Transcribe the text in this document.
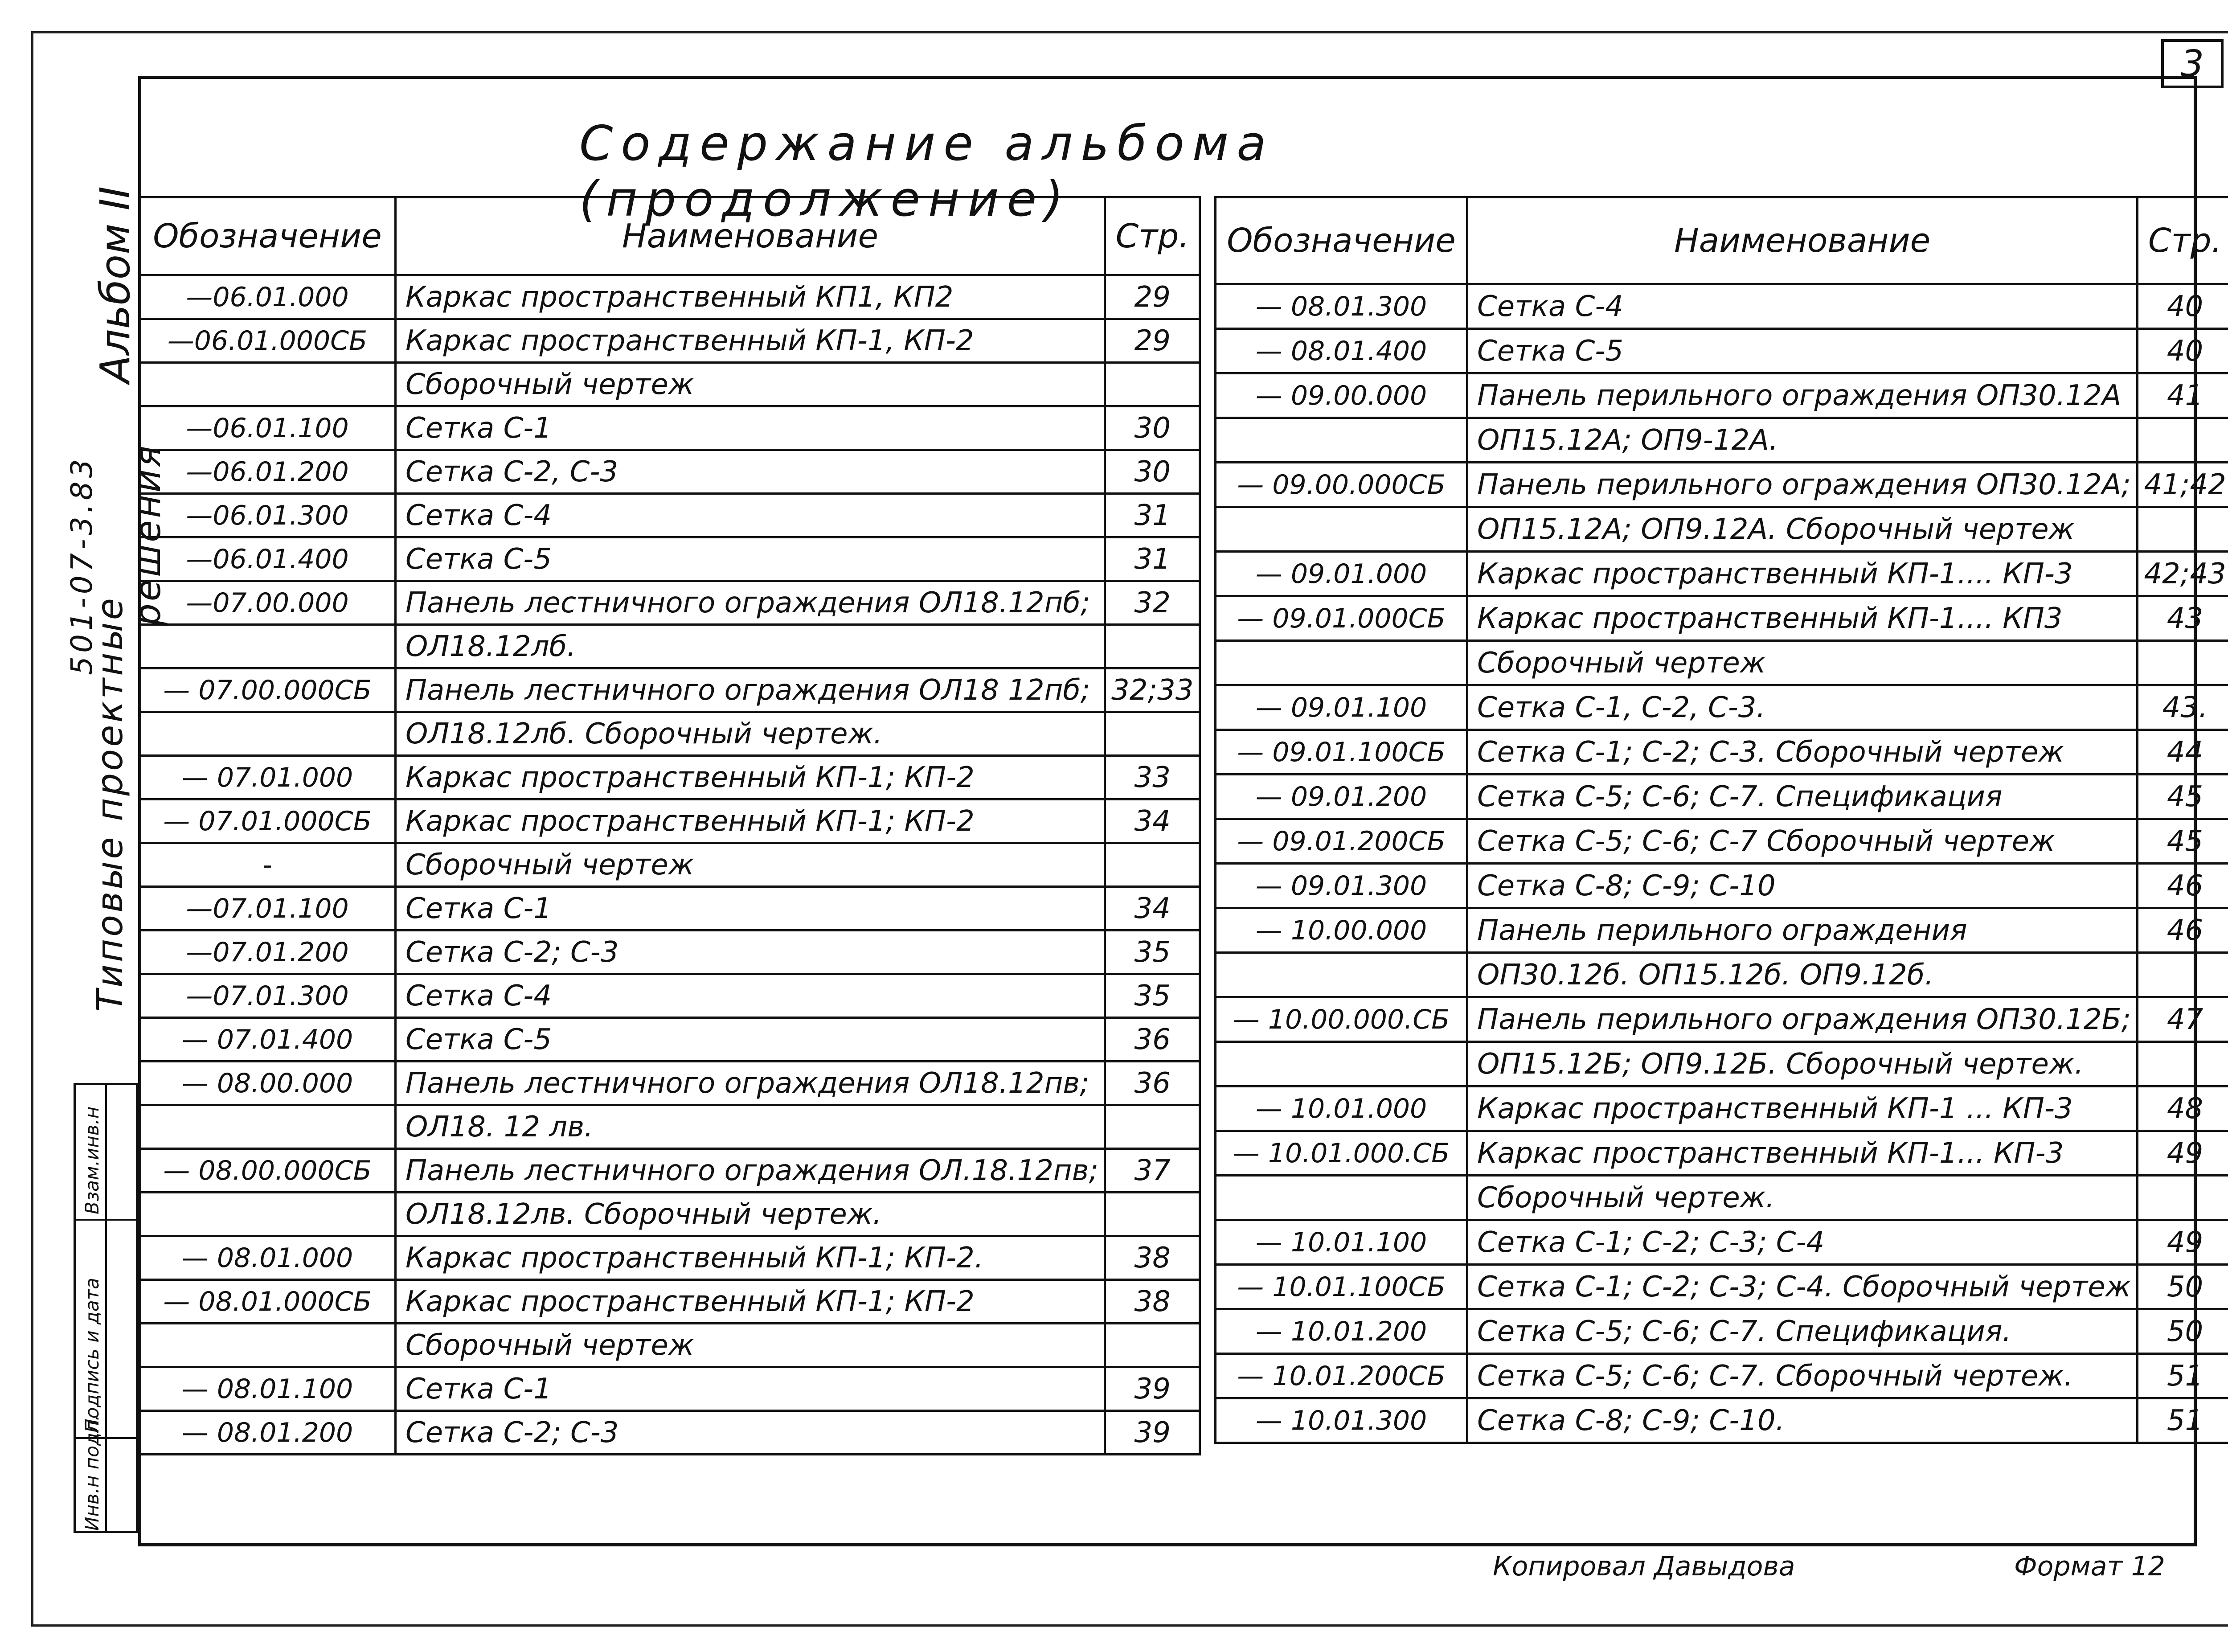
3
Содержание альбома (продолжение)
Альбом II
501-07-3.83
Типовые проектные
решения
Инв.н подл.
Подпись и дата
Взам.инв.н
Обозначение	Наименование	Стр.
—06.01.000	Каркас пространственный КП1, КП2	29
—06.01.000СБ	Каркас пространственный КП-1, КП-2	29
	Сборочный чертеж	
—06.01.100	Сетка С-1	30
—06.01.200	Сетка С-2, С-3	30
—06.01.300	Сетка С-4	31
—06.01.400	Сетка С-5	31
—07.00.000	Панель лестничного ограждения ОЛ18.12пб;	32
	ОЛ18.12лб.	
— 07.00.000СБ	Панель лестничного ограждения ОЛ18 12пб;	32;33
	ОЛ18.12лб. Сборочный чертеж.	
— 07.01.000	Каркас пространственный КП-1; КП-2	33
— 07.01.000СБ	Каркас пространственный КП-1; КП-2	34
-	Сборочный чертеж	
—07.01.100	Сетка С-1	34
—07.01.200	Сетка С-2; С-3	35
—07.01.300	Сетка С-4	35
— 07.01.400	Сетка С-5	36
— 08.00.000	Панель лестничного ограждения ОЛ18.12пв;	36
	ОЛ18. 12 лв.	
— 08.00.000СБ	Панель лестничного ограждения ОЛ.18.12пв;	37
	ОЛ18.12лв. Сборочный чертеж.	
— 08.01.000	Каркас пространственный КП-1; КП-2.	38
— 08.01.000СБ	Каркас пространственный КП-1; КП-2	38
	Сборочный чертеж	
— 08.01.100	Сетка С-1	39
— 08.01.200	Сетка С-2; С-3	39
Обозначение	Наименование	Стр.
— 08.01.300	Сетка С-4	40
— 08.01.400	Сетка С-5	40
— 09.00.000	Панель перильного ограждения ОП30.12А	41
	ОП15.12А; ОП9-12А.	
— 09.00.000СБ	Панель перильного ограждения ОП30.12А;	41;42
	ОП15.12А; ОП9.12А. Сборочный чертеж	
— 09.01.000	Каркас пространственный КП-1.... КП-3	42;43
— 09.01.000СБ	Каркас пространственный КП-1.... КП3	43
	Сборочный чертеж	
— 09.01.100	Сетка С-1, С-2, С-3.	43.
— 09.01.100СБ	Сетка С-1; С-2; С-3. Сборочный чертеж	44
— 09.01.200	Сетка С-5; С-6; С-7. Спецификация	45
— 09.01.200СБ	Сетка С-5; С-6; С-7 Сборочный чертеж	45
— 09.01.300	Сетка С-8; С-9; С-10	46
— 10.00.000	Панель перильного ограждения	46
	ОП30.12б. ОП15.12б. ОП9.12б.	
— 10.00.000.СБ	Панель перильного ограждения ОП30.12Б;	47
	ОП15.12Б; ОП9.12Б. Сборочный чертеж.	
— 10.01.000	Каркас пространственный КП-1 ... КП-3	48
— 10.01.000.СБ	Каркас пространственный КП-1... КП-3	49
	Сборочный чертеж.	
— 10.01.100	Сетка С-1; С-2; С-3; С-4	49
— 10.01.100СБ	Сетка С-1; С-2; С-3; С-4. Сборочный чертеж	50
— 10.01.200	Сетка С-5; С-6; С-7. Спецификация.	50
— 10.01.200СБ	Сетка С-5; С-6; С-7. Сборочный чертеж.	51
— 10.01.300	Сетка С-8; С-9; С-10.	51
Копировал Давыдова	Формат 12
